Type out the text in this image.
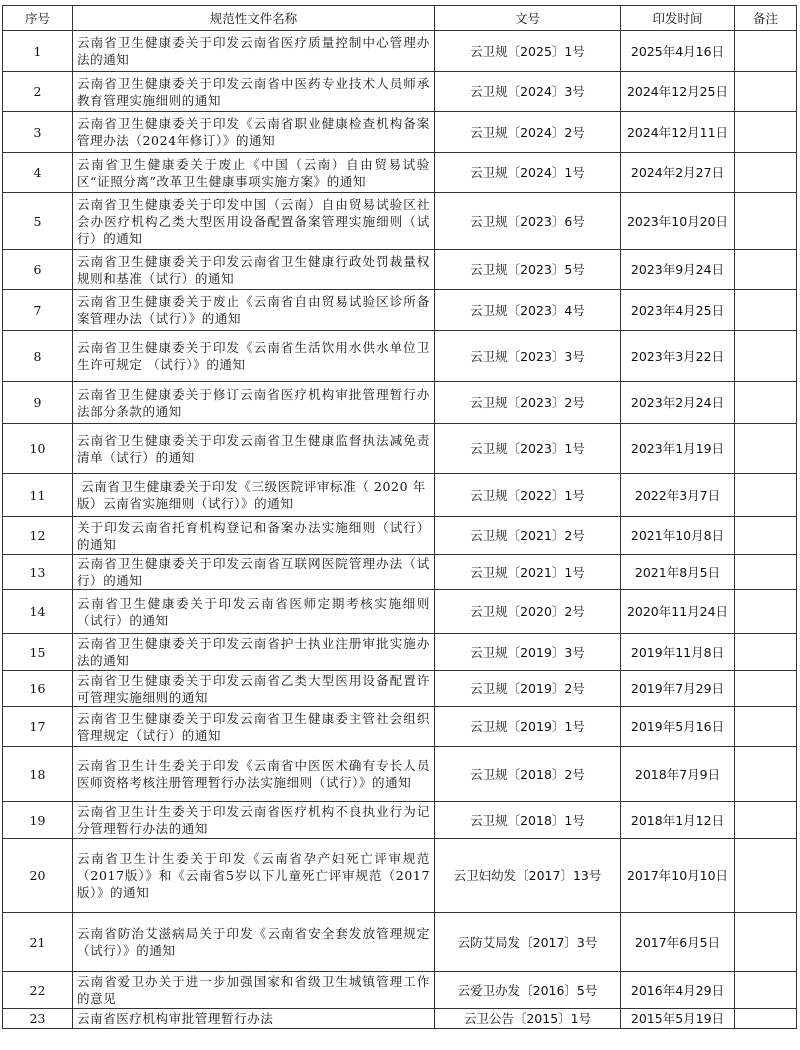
序号	规范性文件名称	文号	印发时间	备注
1	云南省卫生健康委关于印发云南省医疗质量控制中心管理办法的通知	云卫规〔2025〕1号	2025年4月16日	
2	云南省卫生健康委关于印发云南省中医药专业技术人员师承教育管理实施细则的通知	云卫规〔2024〕3号	2024年12月25日	
3	云南省卫生健康委关于印发《云南省职业健康检查机构备案管理办法（2024年修订）》的通知	云卫规〔2024〕2号	2024年12月11日	
4	云南省卫生健康委关于废止《中国（云南）自由贸易试验区“证照分离”改革卫生健康事项实施方案》的通知	云卫规〔2024〕1号	2024年2月27日	
5	云南省卫生健康委关于印发中国（云南）自由贸易试验区社会办医疗机构乙类大型医用设备配置备案管理实施细则（试行）的通知	云卫规〔2023〕6号	2023年10月20日	
6	云南省卫生健康委关于印发云南省卫生健康行政处罚裁量权规则和基准（试行）的通知	云卫规〔2023〕5号	2023年9月24日	
7	云南省卫生健康委关于废止《云南省自由贸易试验区诊所备案管理办法（试行）》的通知	云卫规〔2023〕4号	2023年4月25日	
8	云南省卫生健康委关于印发《云南省生活饮用水供水单位卫生许可规定 （试行）》的通知	云卫规〔2023〕3号	2023年3月22日	
9	云南省卫生健康委关于修订云南省医疗机构审批管理暂行办法部分条款的通知	云卫规〔2023〕2号	2023年2月24日	
10	云南省卫生健康委关于印发云南省卫生健康监督执法减免责清单（试行）的通知	云卫规〔2023〕1号	2023年1月19日	
11	云南省卫生健康委关于印发《三级医院评审标准（ 2020 年版）云南省实施细则（试行）》的通知	云卫规〔2022〕1号	2022年3月7日	
12	关于印发云南省托育机构登记和备案办法实施细则（试行）的通知	云卫规〔2021〕2号	2021年10月8日	
13	云南省卫生健康委关于印发云南省互联网医院管理办法（试行）的通知	云卫规〔2021〕1号	2021年8月5日	
14	云南省卫生健康委关于印发云南省医师定期考核实施细则（试行）的通知	云卫规〔2020〕2号	2020年11月24日	
15	云南省卫生健康委关于印发云南省护士执业注册审批实施办法的通知	云卫规〔2019〕3号	2019年11月8日	
16	云南省卫生健康委关于印发云南省乙类大型医用设备配置许可管理实施细则的通知	云卫规〔2019〕2号	2019年7月29日	
17	云南省卫生健康委关于印发云南省卫生健康委主管社会组织管理规定（试行）的通知	云卫规〔2019〕1号	2019年5月16日	
18	云南省卫生计生委关于印发《云南省中医医术确有专长人员医师资格考核注册管理暂行办法实施细则（试行）》的通知	云卫规〔2018〕2号	2018年7月9日	
19	云南省卫生计生委关于印发云南省医疗机构不良执业行为记分管理暂行办法的通知	云卫规〔2018〕1号	2018年1月12日	
20	云南省卫生计生委关于印发《云南省孕产妇死亡评审规范（2017版）》和《云南省5岁以下儿童死亡评审规范（2017版）》的通知	云卫妇幼发〔2017〕13号	2017年10月10日	
21	云南省防治艾滋病局关于印发《云南省安全套发放管理规定（试行）》的通知	云防艾局发〔2017〕3号	2017年6月5日	
22	云南省爱卫办关于进一步加强国家和省级卫生城镇管理工作的意见	云爱卫办发〔2016〕5号	2016年4月29日	
23	云南省医疗机构审批管理暂行办法	云卫公告〔2015〕1号	2015年5月19日	
